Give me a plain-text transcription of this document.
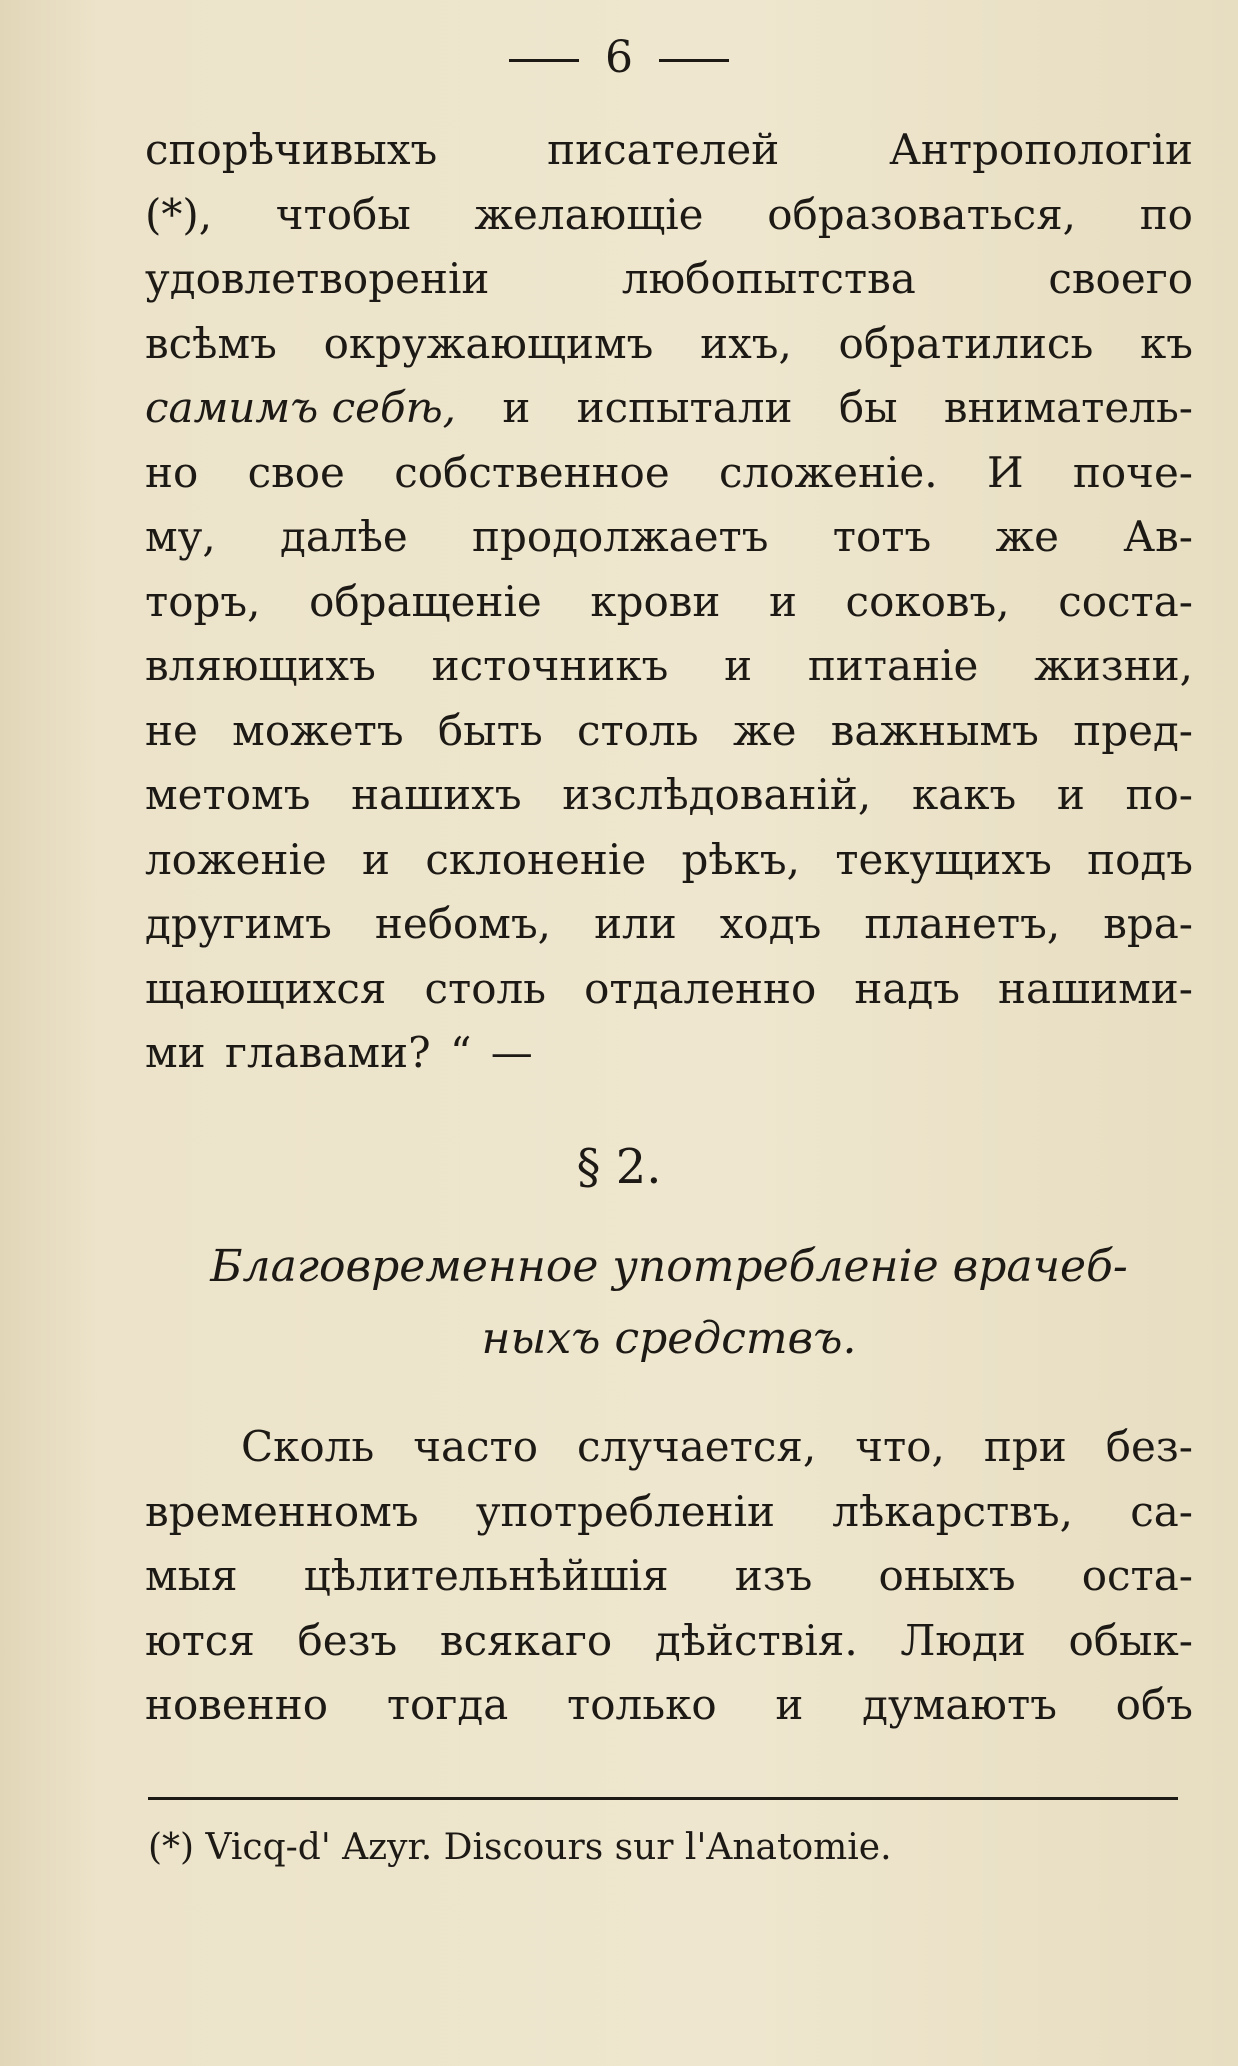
6
спорѣчивыхъ	писателей	Антропологiи
(*), чтобы желающiе образоваться, по
удовлетворенiи	любопытства	своего
всѣмъ окружающимъ ихъ, обратились къ
самимъ себѣ, и испытали бы вниматель-
но свое собственное сложенiе. И поче-
му, далѣе продолжаетъ тотъ же Ав-
торъ, обращенiе крови и соковъ, соста-
вляющихъ источникъ и питанiе жизни,
не можетъ быть столь же важнымъ пред-
метомъ нашихъ изслѣдованiй, какъ и по-
ложенiе и склоненiе рѣкъ, текущихъ подъ
другимъ небомъ, или ходъ планетъ, вра-
щающихся столь отдаленно надъ нашими-
ми главами? “ —
§ 2.
Благовременное употребленiе врачеб-
ныхъ средствъ.
Сколь часто случается, что, при без-
временномъ употребленiи лѣкарствъ, са-
мыя цѣлительнѣйшiя изъ оныхъ оста-
ются безъ всякаго дѣйствiя. Люди обык-
новенно тогда только и думаютъ объ
(*) Vicq-d' Azyr. Discours sur l'Anatomie.
